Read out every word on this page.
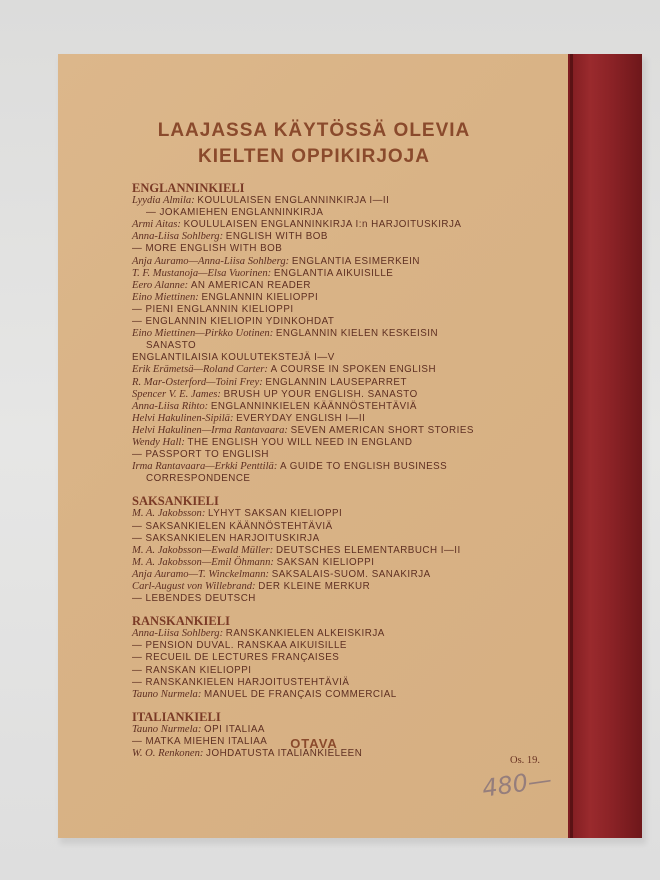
LAAJASSA KÄYTÖSSÄ OLEVIA
KIELTEN OPPIKIRJOJA
ENGLANNINKIELI
Lyydia Almila: KOULULAISEN ENGLANNINKIRJA I—II
— JOKAMIEHEN ENGLANNINKIRJA
Armi Aitas: KOULULAISEN ENGLANNINKIRJA I:n HARJOITUSKIRJA
Anna-Liisa Sohlberg: ENGLISH WITH BOB
— MORE ENGLISH WITH BOB
Anja Auramo—Anna-Liisa Sohlberg: ENGLANTIA ESIMERKEIN
T. F. Mustanoja—Elsa Vuorinen: ENGLANTIA AIKUISILLE
Eero Alanne: AN AMERICAN READER
Eino Miettinen: ENGLANNIN KIELIOPPI
— PIENI ENGLANNIN KIELIOPPI
— ENGLANNIN KIELIOPIN YDINKOHDAT
Eino Miettinen—Pirkko Uotinen: ENGLANNIN KIELEN KESKEISIN
SANASTO
ENGLANTILAISIA KOULUTEKSTEJÄ I—V
Erik Erämetsä—Roland Carter: A COURSE IN SPOKEN ENGLISH
R. Mar-Osterford—Toini Frey: ENGLANNIN LAUSEPARRET
Spencer V. E. James: BRUSH UP YOUR ENGLISH. SANASTO
Anna-Liisa Rihto: ENGLANNINKIELEN KÄÄNNÖSTEHTÄVIÄ
Helvi Hakulinen-Sipilä: EVERYDAY ENGLISH I—II
Helvi Hakulinen—Irma Rantavaara: SEVEN AMERICAN SHORT STORIES
Wendy Hall: THE ENGLISH YOU WILL NEED IN ENGLAND
— PASSPORT TO ENGLISH
Irma Rantavaara—Erkki Penttilä: A GUIDE TO ENGLISH BUSINESS
CORRESPONDENCE
SAKSANKIELI
M. A. Jakobsson: LYHYT SAKSAN KIELIOPPI
— SAKSANKIELEN KÄÄNNÖSTEHTÄVIÄ
— SAKSANKIELEN HARJOITUSKIRJA
M. A. Jakobsson—Ewald Müller: DEUTSCHES ELEMENTARBUCH I—II
M. A. Jakobsson—Emil Öhmann: SAKSAN KIELIOPPI
Anja Auramo—T. Winckelmann: SAKSALAIS-SUOM. SANAKIRJA
Carl-August von Willebrand: DER KLEINE MERKUR
— LEBENDES DEUTSCH
RANSKANKIELI
Anna-Liisa Sohlberg: RANSKANKIELEN ALKEISKIRJA
— PENSION DUVAL. RANSKAA AIKUISILLE
— RECUEIL DE LECTURES FRANÇAISES
— RANSKAN KIELIOPPI
— RANSKANKIELEN HARJOITUSTEHTÄVIÄ
Tauno Nurmela: MANUEL DE FRANÇAIS COMMERCIAL
ITALIANKIELI
Tauno Nurmela: OPI ITALIAA
— MATKA MIEHEN ITALIAA
W. O. Renkonen: JOHDATUSTA ITALIANKIELEEN
OTAVA
Os. 19.
480—
